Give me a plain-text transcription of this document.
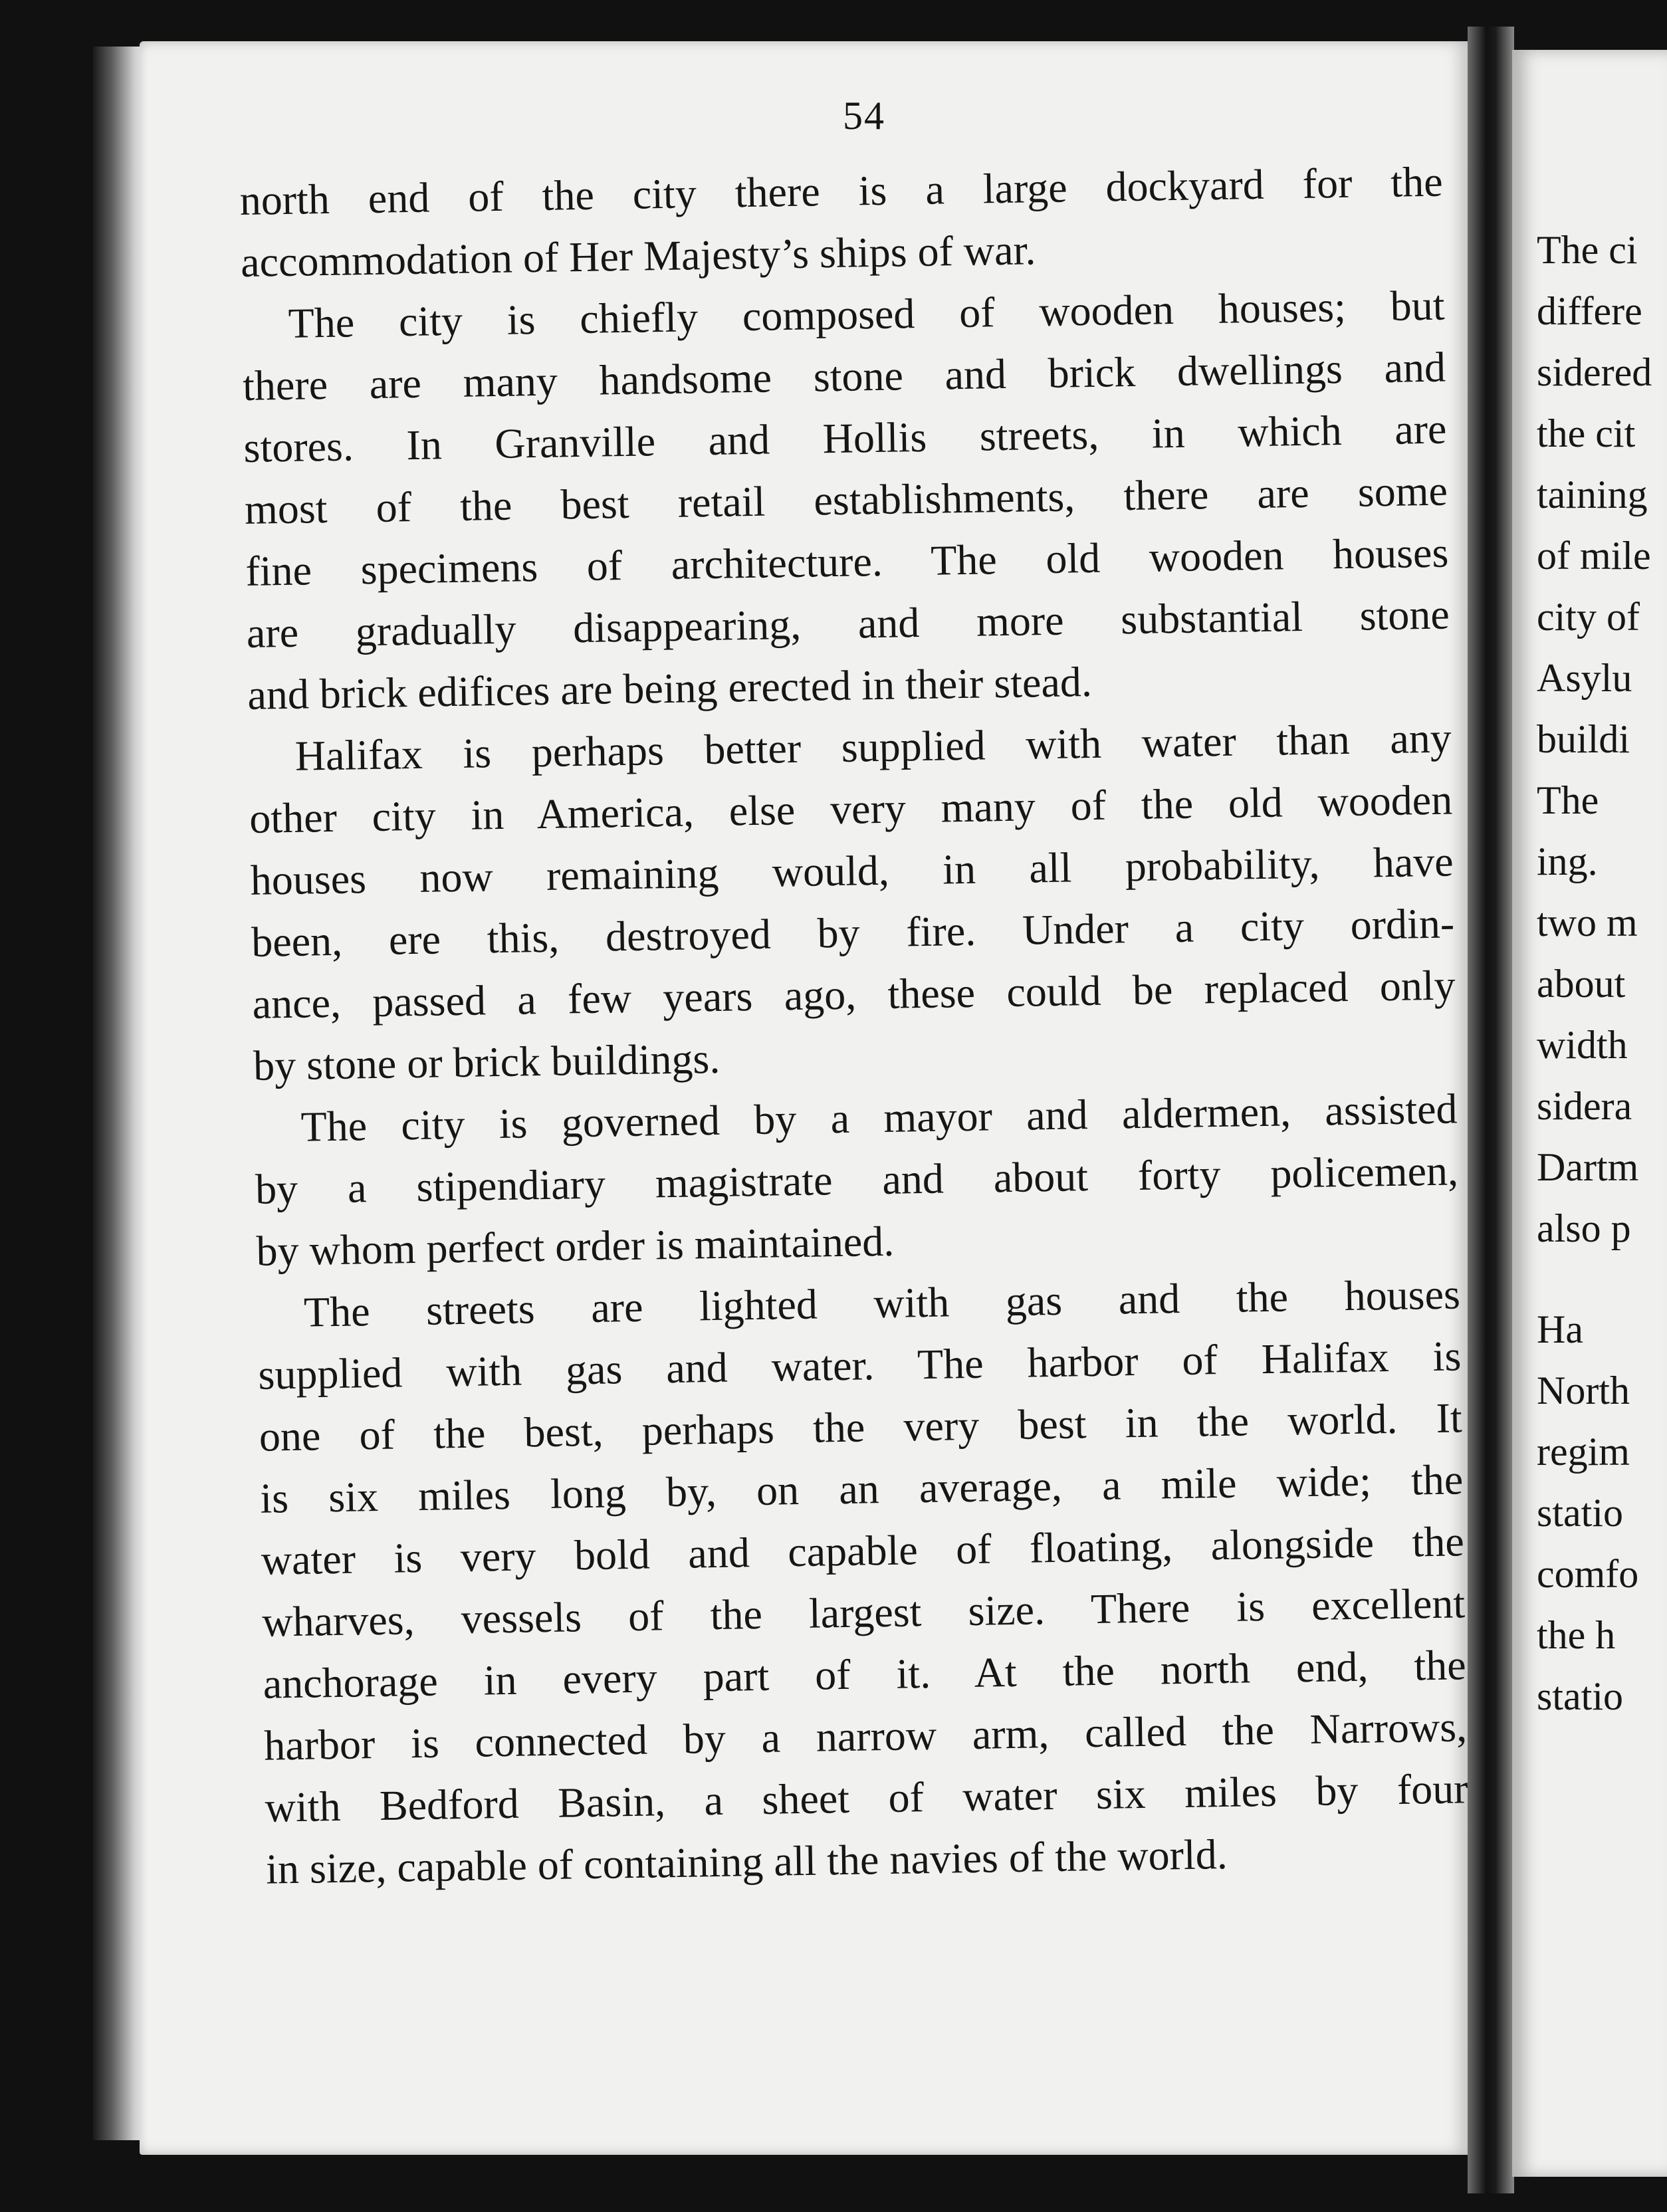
54

north end of the city there is a large dockyard for the

accommodation of Her Majesty’s ships of war.

The city is chiefly composed of wooden houses; but

there are many handsome stone and brick dwellings and

stores. In Granville and Hollis streets, in which are

most of the best retail establishments, there are some

fine specimens of architecture. The old wooden houses

are gradually disappearing, and more substantial stone

and brick edifices are being erected in their stead.

Halifax is perhaps better supplied with water than any

other city in America, else very many of the old wooden

houses now remaining would, in all probability, have

been, ere this, destroyed by fire. Under a city ordin-

ance, passed a few years ago, these could be replaced only

by stone or brick buildings.

The city is governed by a mayor and aldermen, assisted

by a stipendiary magistrate and about forty policemen,

by whom perfect order is maintained.

The streets are lighted with gas and the houses

supplied with gas and water. The harbor of Halifax is

one of the best, perhaps the very best in the world. It

is six miles long by, on an average, a mile wide; the

water is very bold and capable of floating, alongside the

wharves, vessels of the largest size. There is excellent

anchorage in every part of it. At the north end, the

harbor is connected by a narrow arm, called the Narrows,

with Bedford Basin, a sheet of water six miles by four

in size, capable of containing all the navies of the world.

The ci
differe
sidered
the cit
taining
of mile
city of
Asylu
buildi
The
ing.
two m
about
width
sidera
Dartm
also p
Ha
North
regim
statio
comfo
the h
statio
